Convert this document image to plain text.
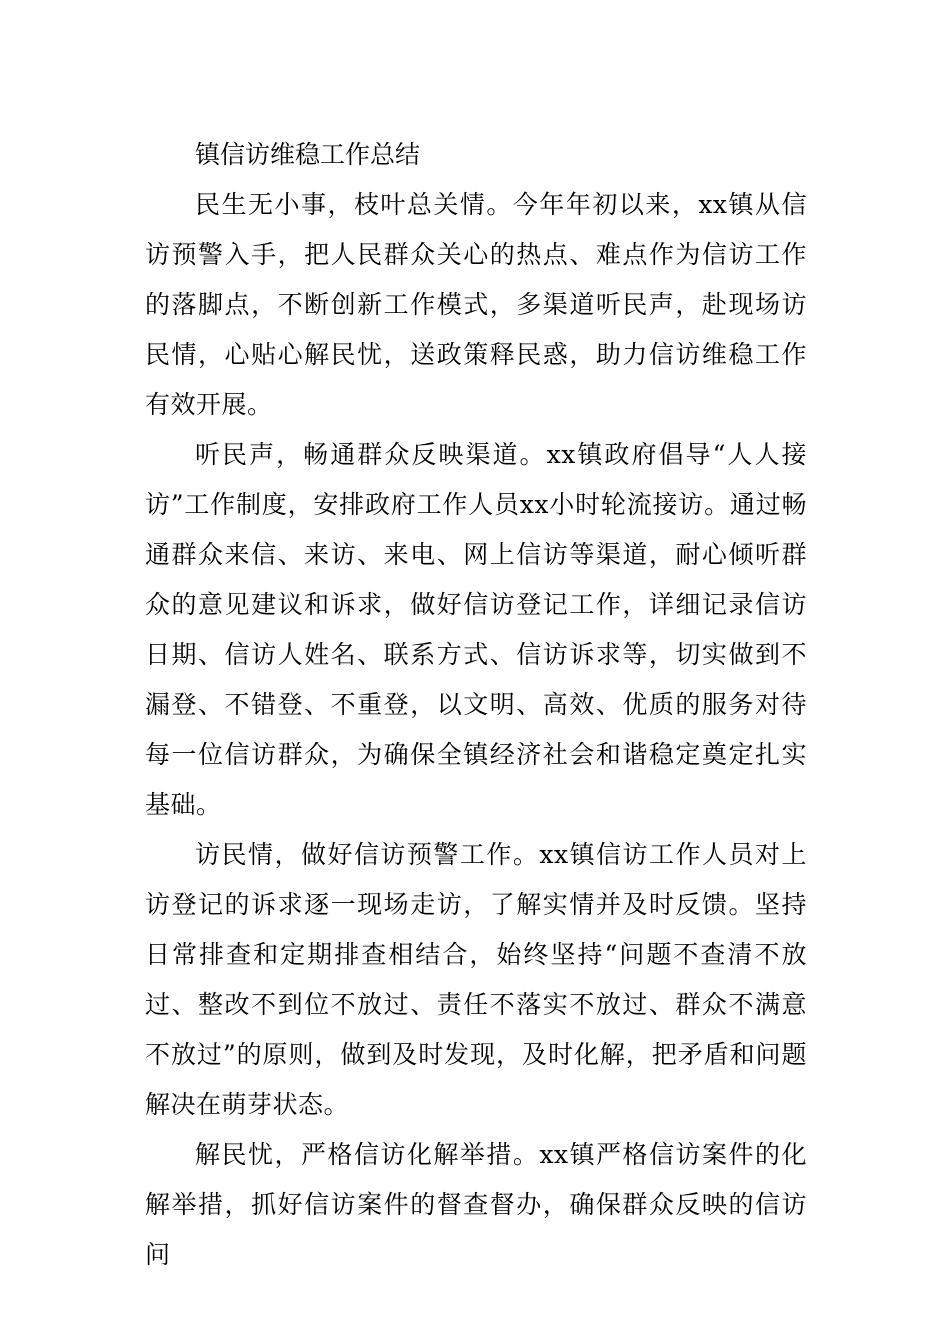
镇信访维稳工作总结

民生无小事，枝叶总关情。今年年初以来，xx镇从信访预警入手，把人民群众关心的热点、难点作为信访工作的落脚点，不断创新工作模式，多渠道听民声，赴现场访民情，心贴心解民忧，送政策释民惑，助力信访维稳工作有效开展。

听民声，畅通群众反映渠道。xx镇政府倡导“人人接访”工作制度，安排政府工作人员xx小时轮流接访。通过畅通群众来信、来访、来电、网上信访等渠道，耐心倾听群众的意见建议和诉求，做好信访登记工作，详细记录信访日期、信访人姓名、联系方式、信访诉求等，切实做到不漏登、不错登、不重登，以文明、高效、优质的服务对待每一位信访群众，为确保全镇经济社会和谐稳定奠定扎实基础。

访民情，做好信访预警工作。xx镇信访工作人员对上访登记的诉求逐一现场走访，了解实情并及时反馈。坚持日常排查和定期排查相结合，始终坚持“问题不查清不放过、整改不到位不放过、责任不落实不放过、群众不满意不放过”的原则，做到及时发现，及时化解，把矛盾和问题解决在萌芽状态。

解民忧，严格信访化解举措。xx镇严格信访案件的化解举措，抓好信访案件的督查督办，确保群众反映的信访问
